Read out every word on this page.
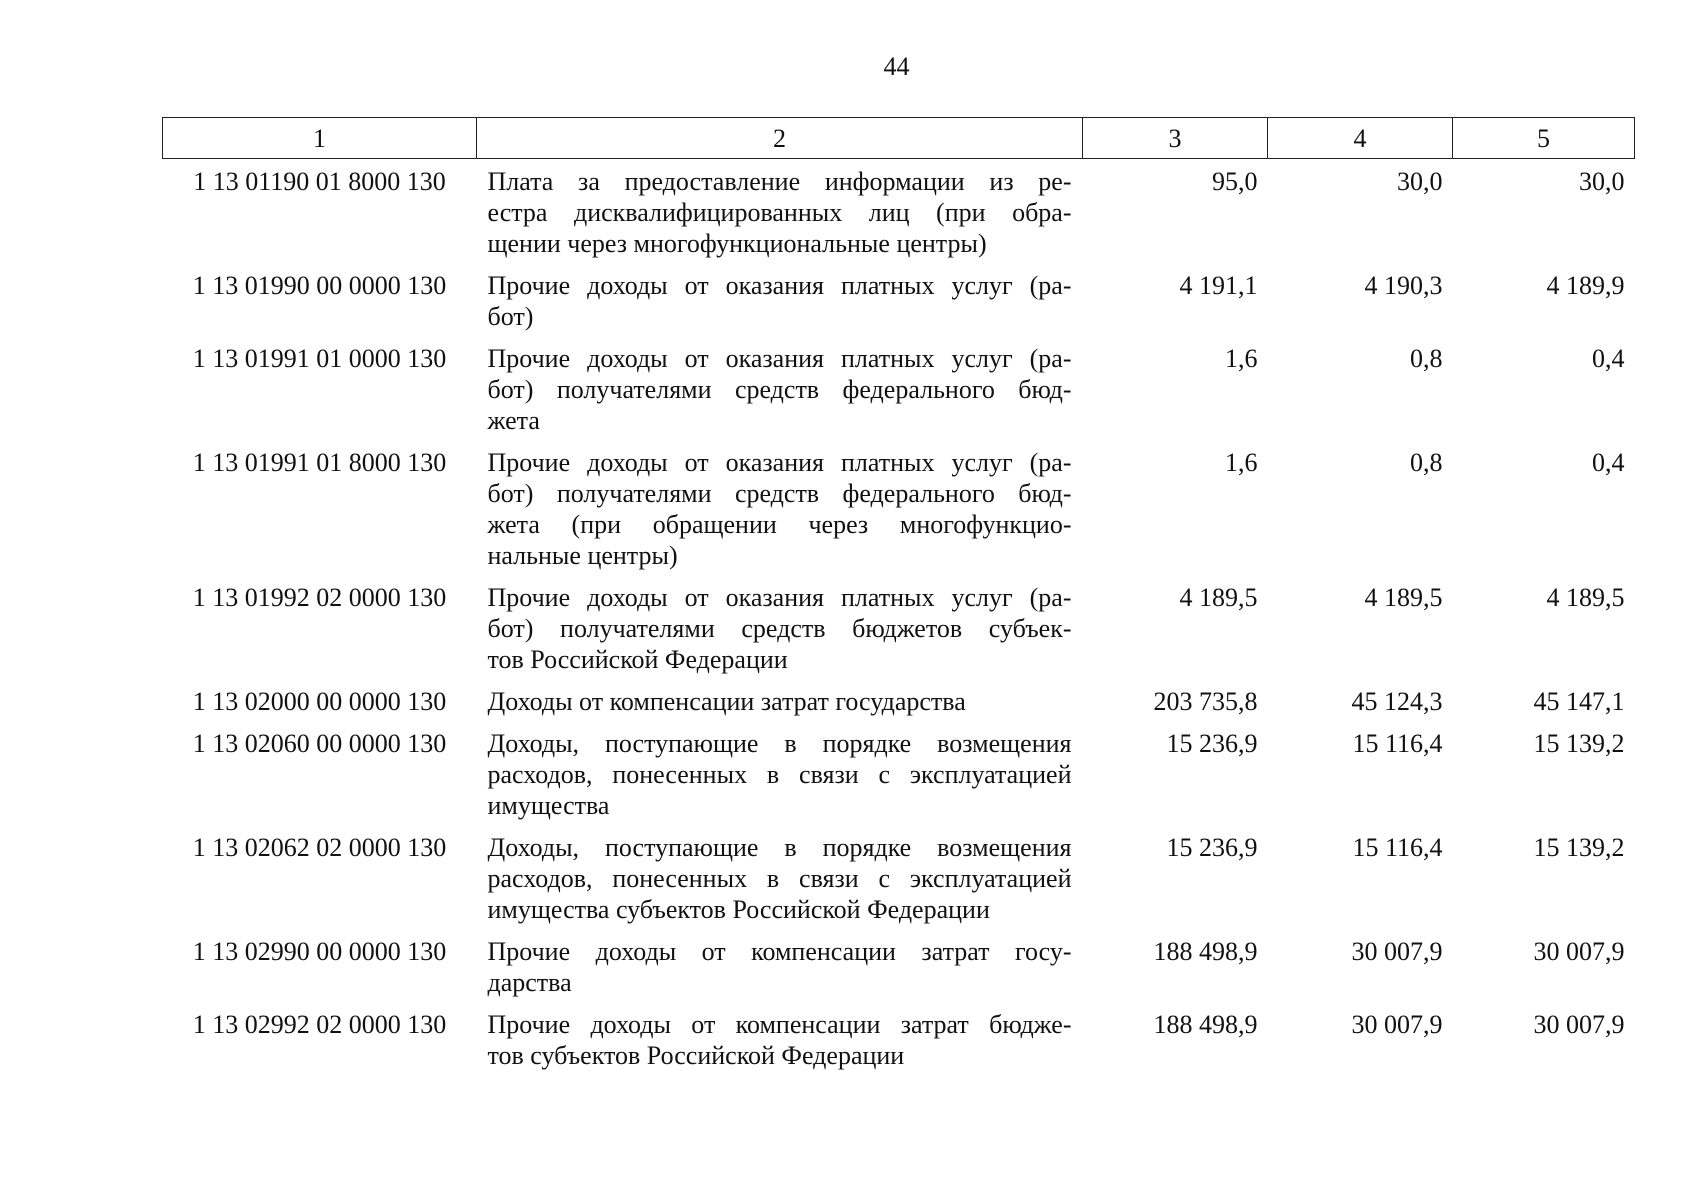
44
1	2	3	4	5
1 13 01190 01 8000 130	Плата за предоставление информации из ре-
естра дисквалифицированных лиц (при обра-
щении через многофункциональные центры)	95,0	30,0	30,0
1 13 01990 00 0000 130	Прочие доходы от оказания платных услуг (ра-
бот)	4 191,1	4 190,3	4 189,9
1 13 01991 01 0000 130	Прочие доходы от оказания платных услуг (ра-
бот) получателями средств федерального бюд-
жета	1,6	0,8	0,4
1 13 01991 01 8000 130	Прочие доходы от оказания платных услуг (ра-
бот) получателями средств федерального бюд-
жета (при обращении через многофункцио-
нальные центры)	1,6	0,8	0,4
1 13 01992 02 0000 130	Прочие доходы от оказания платных услуг (ра-
бот) получателями средств бюджетов субъек-
тов Российской Федерации	4 189,5	4 189,5	4 189,5
1 13 02000 00 0000 130	Доходы от компенсации затрат государства	203 735,8	45 124,3	45 147,1
1 13 02060 00 0000 130	Доходы, поступающие в порядке возмещения
расходов, понесенных в связи с эксплуатацией
имущества	15 236,9	15 116,4	15 139,2
1 13 02062 02 0000 130	Доходы, поступающие в порядке возмещения
расходов, понесенных в связи с эксплуатацией
имущества субъектов Российской Федерации	15 236,9	15 116,4	15 139,2
1 13 02990 00 0000 130	Прочие доходы от компенсации затрат госу-
дарства	188 498,9	30 007,9	30 007,9
1 13 02992 02 0000 130	Прочие доходы от компенсации затрат бюдже-
тов субъектов Российской Федерации	188 498,9	30 007,9	30 007,9
